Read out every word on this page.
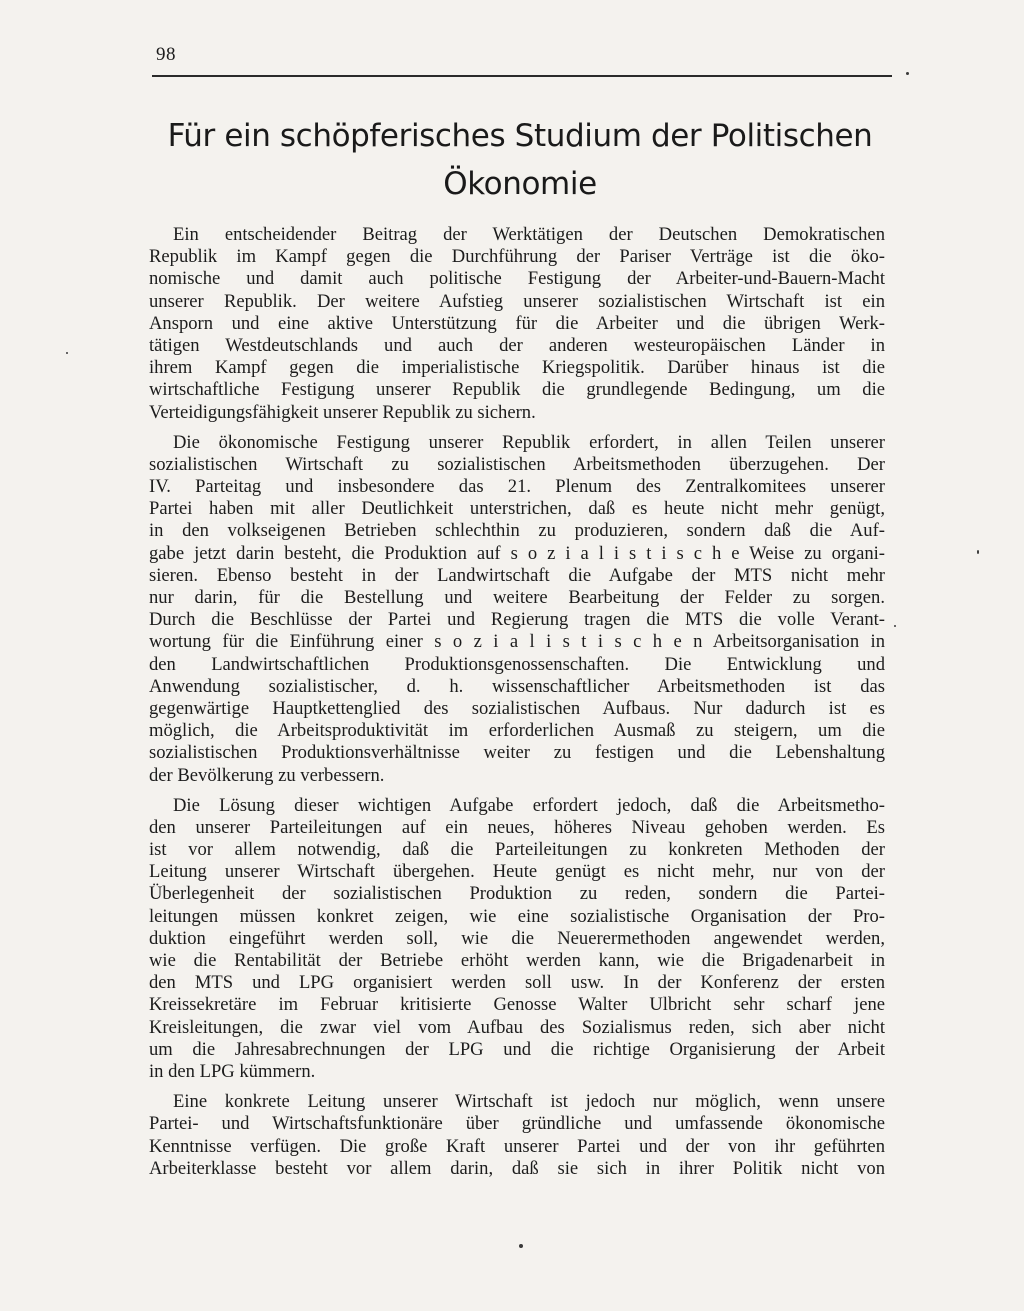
98
Für ein schöpferisches Studium der Politischen
Ökonomie
Ein entscheidender Beitrag der Werktätigen der Deutschen Demokratischen
Republik im Kampf gegen die Durchführung der Pariser Verträge ist die öko-
nomische und damit auch politische Festigung der Arbeiter-und-Bauern-Macht
unserer Republik. Der weitere Aufstieg unserer sozialistischen Wirtschaft ist ein
Ansporn und eine aktive Unterstützung für die Arbeiter und die übrigen Werk-
tätigen Westdeutschlands und auch der anderen westeuropäischen Länder in
ihrem Kampf gegen die imperialistische Kriegspolitik. Darüber hinaus ist die
wirtschaftliche Festigung unserer Republik die grundlegende Bedingung, um die
Verteidigungsfähigkeit unserer Republik zu sichern.
Die ökonomische Festigung unserer Republik erfordert, in allen Teilen unserer
sozialistischen Wirtschaft zu sozialistischen Arbeitsmethoden überzugehen. Der
IV. Parteitag und insbesondere das 21. Plenum des Zentralkomitees unserer
Partei haben mit aller Deutlichkeit unterstrichen, daß es heute nicht mehr genügt,
in den volkseigenen Betrieben schlechthin zu produzieren, sondern daß die Auf-
gabe jetzt darin besteht, die Produktion auf s o z i a l i s t i s c h e Weise zu organi-
sieren. Ebenso besteht in der Landwirtschaft die Aufgabe der MTS nicht mehr
nur darin, für die Bestellung und weitere Bearbeitung der Felder zu sorgen.
Durch die Beschlüsse der Partei und Regierung tragen die MTS die volle Verant-
wortung für die Einführung einer s o z i a l i s t i s c h e n Arbeitsorganisation in
den Landwirtschaftlichen Produktionsgenossenschaften. Die Entwicklung und
Anwendung sozialistischer, d. h. wissenschaftlicher Arbeitsmethoden ist das
gegenwärtige Hauptkettenglied des sozialistischen Aufbaus. Nur dadurch ist es
möglich, die Arbeitsproduktivität im erforderlichen Ausmaß zu steigern, um die
sozialistischen Produktionsverhältnisse weiter zu festigen und die Lebenshaltung
der Bevölkerung zu verbessern.
Die Lösung dieser wichtigen Aufgabe erfordert jedoch, daß die Arbeitsmetho-
den unserer Parteileitungen auf ein neues, höheres Niveau gehoben werden. Es
ist vor allem notwendig, daß die Parteileitungen zu konkreten Methoden der
Leitung unserer Wirtschaft übergehen. Heute genügt es nicht mehr, nur von der
Überlegenheit der sozialistischen Produktion zu reden, sondern die Partei-
leitungen müssen konkret zeigen, wie eine sozialistische Organisation der Pro-
duktion eingeführt werden soll, wie die Neuerermethoden angewendet werden,
wie die Rentabilität der Betriebe erhöht werden kann, wie die Brigadenarbeit in
den MTS und LPG organisiert werden soll usw. In der Konferenz der ersten
Kreissekretäre im Februar kritisierte Genosse Walter Ulbricht sehr scharf jene
Kreisleitungen, die zwar viel vom Aufbau des Sozialismus reden, sich aber nicht
um die Jahresabrechnungen der LPG und die richtige Organisierung der Arbeit
in den LPG kümmern.
Eine konkrete Leitung unserer Wirtschaft ist jedoch nur möglich, wenn unsere
Partei- und Wirtschaftsfunktionäre über gründliche und umfassende ökonomische
Kenntnisse verfügen. Die große Kraft unserer Partei und der von ihr geführten
Arbeiterklasse besteht vor allem darin, daß sie sich in ihrer Politik nicht von
